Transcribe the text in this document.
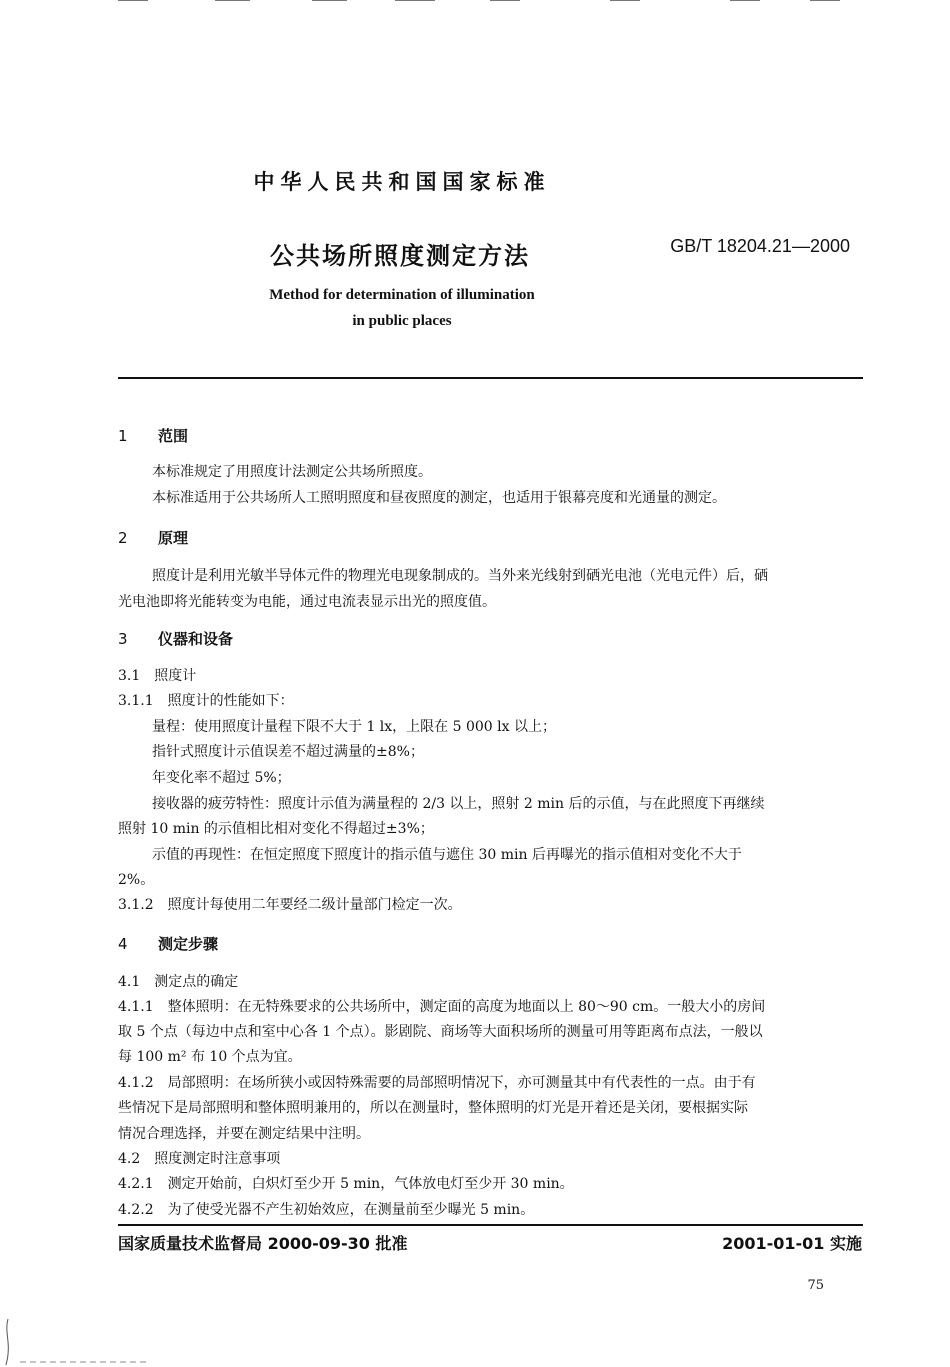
中华人民共和国国家标准
公共场所照度测定方法	GB/T 18204.21—2000
Method for determination of illumination
in public places
1 范围
本标准规定了用照度计法测定公共场所照度。
本标准适用于公共场所人工照明照度和昼夜照度的测定，也适用于银幕亮度和光通量的测定。
2 原理
照度计是利用光敏半导体元件的物理光电现象制成的。当外来光线射到硒光电池（光电元件）后，硒
光电池即将光能转变为电能，通过电流表显示出光的照度值。
3 仪器和设备
3.1　照度计
3.1.1　照度计的性能如下：
量程：使用照度计量程下限不大于 1 lx，上限在 5 000 lx 以上；
指针式照度计示值误差不超过满量的±8%；
年变化率不超过 5%；
接收器的疲劳特性：照度计示值为满量程的 2/3 以上，照射 2 min 后的示值，与在此照度下再继续
照射 10 min 的示值相比相对变化不得超过±3%；
示值的再现性：在恒定照度下照度计的指示值与遮住 30 min 后再曝光的指示值相对变化不大于
2%。
3.1.2　照度计每使用二年要经二级计量部门检定一次。
4 测定步骤
4.1　测定点的确定
4.1.1　整体照明：在无特殊要求的公共场所中，测定面的高度为地面以上 80～90 cm。一般大小的房间
取 5 个点（每边中点和室中心各 1 个点）。影剧院、商场等大面积场所的测量可用等距离布点法，一般以
每 100 m² 布 10 个点为宜。
4.1.2　局部照明：在场所狭小或因特殊需要的局部照明情况下，亦可测量其中有代表性的一点。由于有
些情况下是局部照明和整体照明兼用的，所以在测量时，整体照明的灯光是开着还是关闭，要根据实际
情况合理选择，并要在测定结果中注明。
4.2　照度测定时注意事项
4.2.1　测定开始前，白炽灯至少开 5 min，气体放电灯至少开 30 min。
4.2.2　为了使受光器不产生初始效应，在测量前至少曝光 5 min。
国家质量技术监督局 2000-09-30 批准	2001-01-01 实施
75
